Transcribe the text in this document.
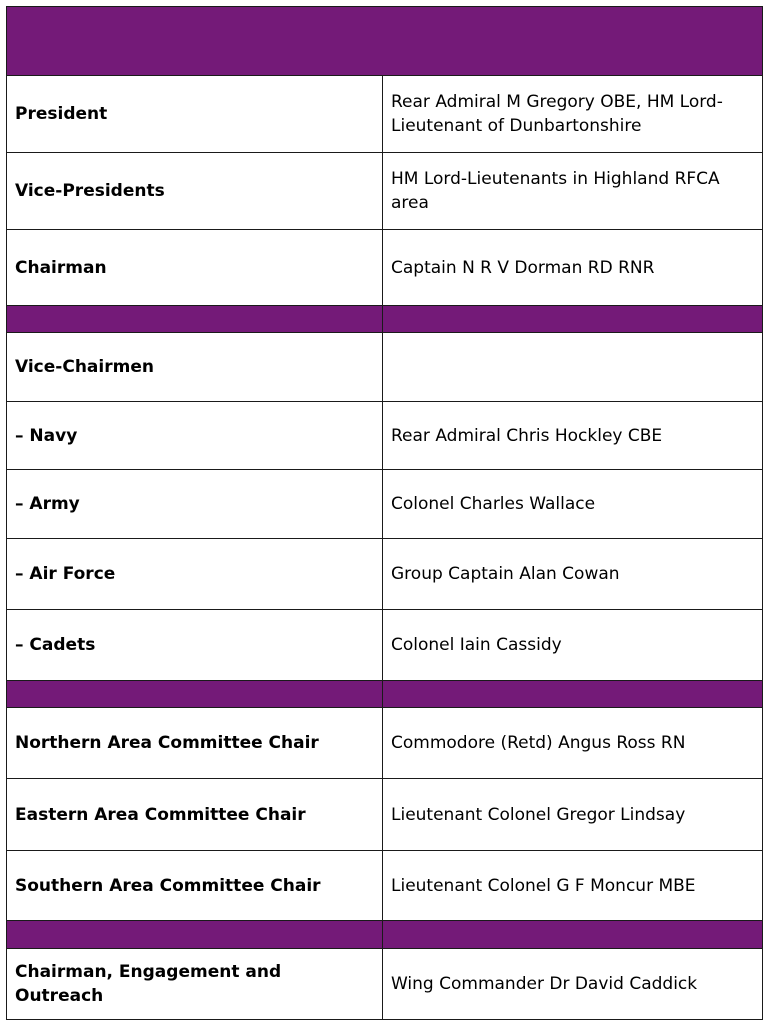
President	Rear Admiral M Gregory OBE, HM Lord-Lieutenant of Dunbartonshire
Vice-Presidents	HM Lord-Lieutenants in Highland RFCA area
Chairman	Captain N R V Dorman RD RNR

Vice-Chairmen	
– Navy	Rear Admiral Chris Hockley CBE
– Army	Colonel Charles Wallace
– Air Force	Group Captain Alan Cowan
– Cadets	Colonel Iain Cassidy

Northern Area Committee Chair	Commodore (Retd) Angus Ross RN
Eastern Area Committee Chair	Lieutenant Colonel Gregor Lindsay
Southern Area Committee Chair	Lieutenant Colonel G F Moncur MBE

Chairman, Engagement and Outreach	Wing Commander Dr David Caddick
